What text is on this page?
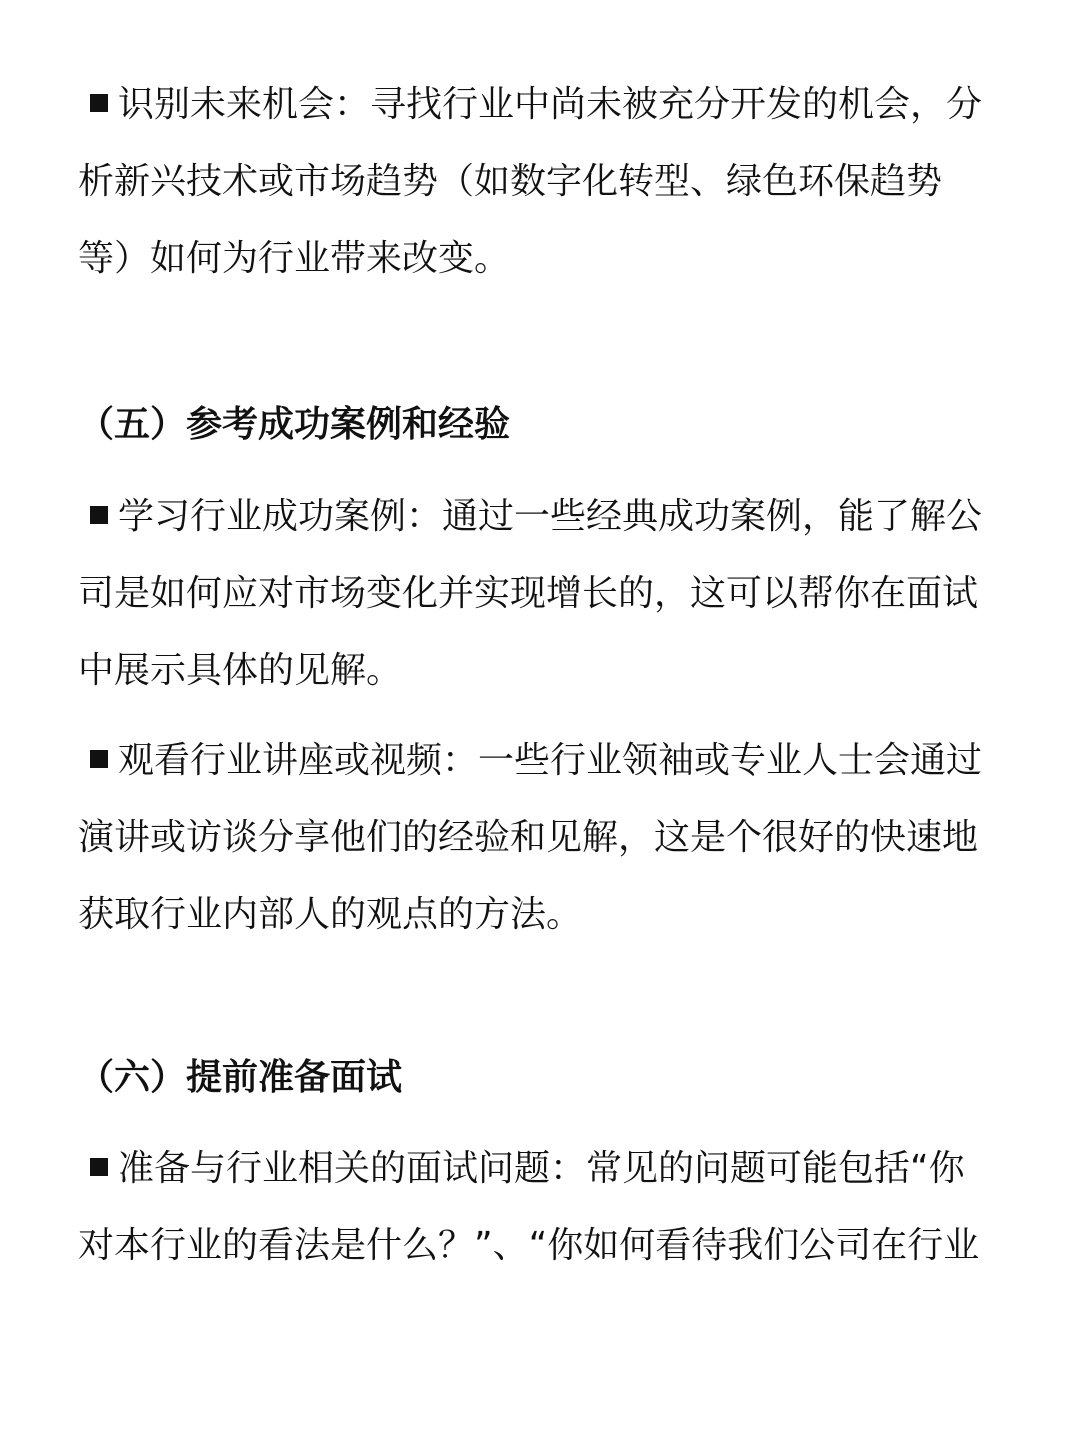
识别未来机会：寻找行业中尚未被充分开发的机会，分
析新兴技术或市场趋势（如数字化转型、绿色环保趋势
等）如何为行业带来改变。
（五）参考成功案例和经验
学习行业成功案例：通过一些经典成功案例，能了解公
司是如何应对市场变化并实现增长的，这可以帮你在面试
中展示具体的见解。
观看行业讲座或视频：一些行业领袖或专业人士会通过
演讲或访谈分享他们的经验和见解，这是个很好的快速地
获取行业内部人的观点的方法。
（六）提前准备面试
准备与行业相关的面试问题：常见的问题可能包括“你
对本行业的看法是什么？”、“你如何看待我们公司在行业
